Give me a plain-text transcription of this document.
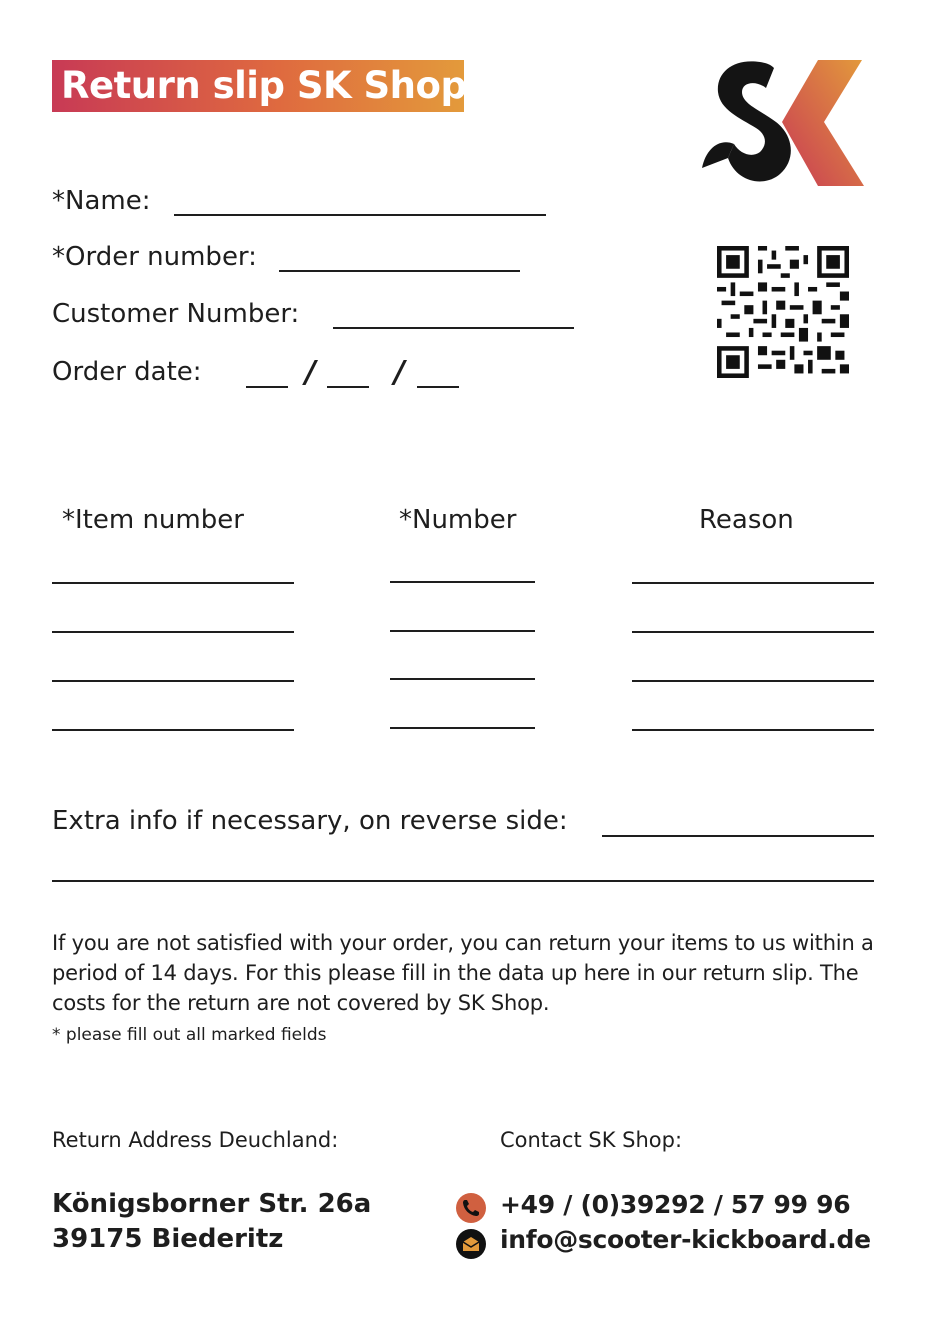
Return slip SK Shop
*Name:
*Order number:
Customer Number:
Order date:	/	/
*Item number	*Number	Reason
Extra info if necessary, on reverse side:
If you are not satisfied with your order, you can return your items to us within a period of 14 days. For this please fill in the data up here in our return slip. The costs for the return are not covered by SK Shop.
* please fill out all marked fields
Return Address Deuchland:
Königsborner Str. 26a
39175 Biederitz
Contact SK Shop:
+49 / (0)39292 / 57 99 96
info@scooter-kickboard.de
